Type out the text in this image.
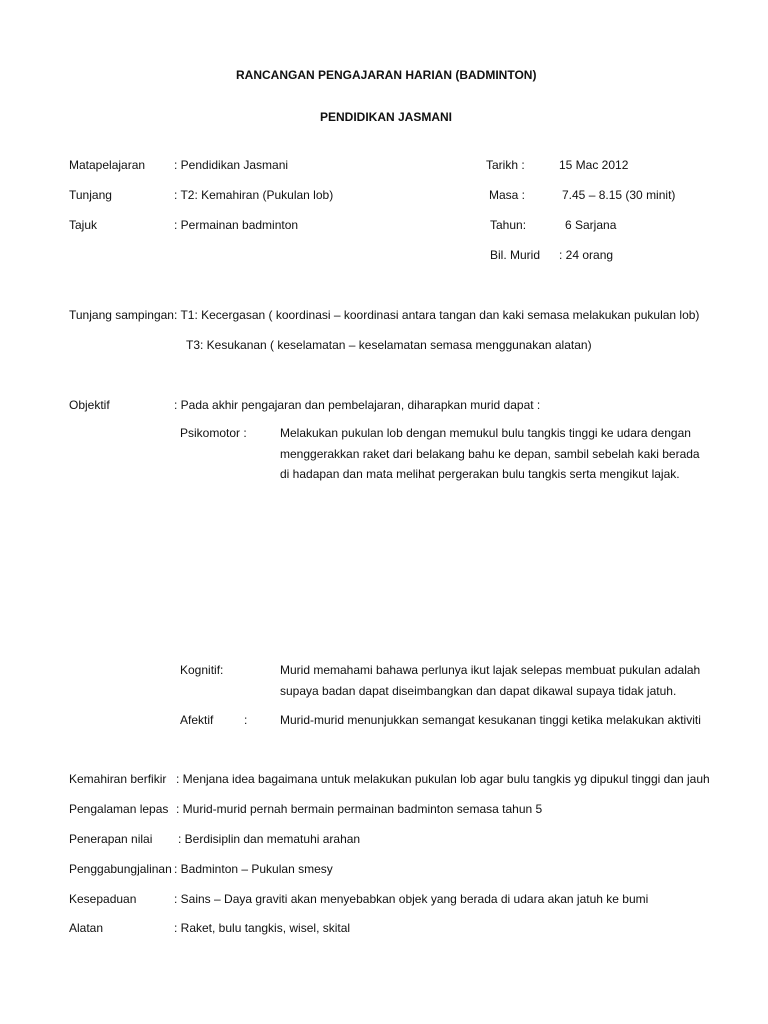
RANCANGAN PENGAJARAN HARIAN (BADMINTON)
PENDIDIKAN JASMANI
Matapelajaran : Pendidikan Jasmani
Tunjang	: T2: Kemahiran (Pukulan lob)
Tajuk	: Permainan badminton
Tarikh :	15 Mac 2012
Masa :	7.45 – 8.15 (30 minit)
Tahun:	6 Sarjana
Bil. Murid : 24 orang
Tunjang sampingan : T1: Kecergasan ( koordinasi – koordinasi antara tangan dan kaki semasa melakukan pukulan lob)
T3: Kesukanan ( keselamatan – keselamatan semasa menggunakan alatan)
Objektif	: Pada akhir pengajaran dan pembelajaran, diharapkan murid dapat :
Psikomotor :	Melakukan pukulan lob dengan memukul bulu tangkis tinggi ke udara dengan
menggerakkan raket dari belakang bahu ke depan, sambil sebelah kaki berada
di hadapan dan mata melihat pergerakan bulu tangkis serta mengikut lajak.
Kognitif:	Murid memahami bahawa perlunya ikut lajak selepas membuat pukulan adalah
supaya badan dapat diseimbangkan dan dapat dikawal supaya tidak jatuh.
Afektif	:	Murid-murid menunjukkan semangat kesukanan tinggi ketika melakukan aktiviti
Kemahiran berfikir : Menjana idea bagaimana untuk melakukan pukulan lob agar bulu tangkis yg dipukul tinggi dan jauh
Pengalaman lepas : Murid-murid pernah bermain permainan badminton semasa tahun 5
Penerapan nilai : Berdisiplin dan mematuhi arahan
Penggabungjalinan : Badminton – Pukulan smesy
Kesepaduan	: Sains – Daya graviti akan menyebabkan objek yang berada di udara akan jatuh ke bumi
Alatan	: Raket, bulu tangkis, wisel, skital
